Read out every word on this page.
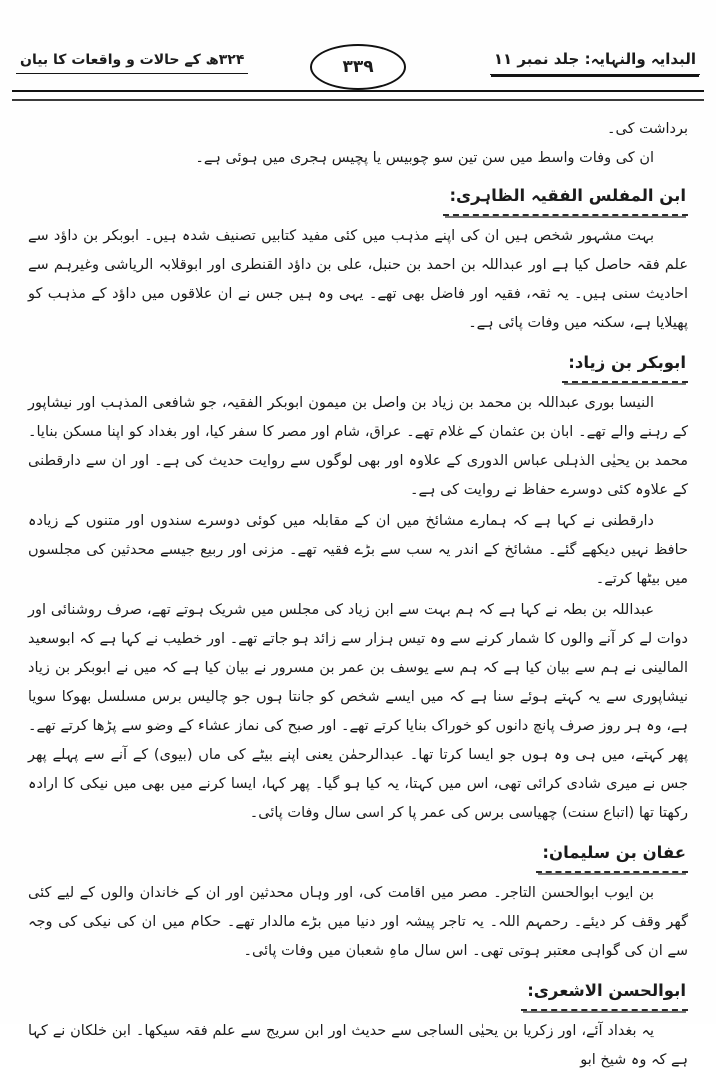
البدایہ والنہایہ: جلد نمبر ۱۱
۳۲۴ھ کے حالات و واقعات کا بیان	۳۳۹

برداشت کی۔

ان کی وفات واسط میں سن تین سو چوبیس یا پچیس ہجری میں ہوئی ہے۔

ابن المفلس الفقیہ الظاہری:

بہت مشہور شخص ہیں ان کی اپنے مذہب میں کئی مفید کتابیں تصنیف شدہ ہیں۔ ابوبکر بن داؤد سے علم فقہ حاصل کیا ہے اور عبداللہ بن احمد بن حنبل، علی بن داؤد القنطری اور ابوقلابہ الریاشی وغیرہم سے احادیث سنی ہیں۔ یہ ثقہ، فقیہ اور فاضل بھی تھے۔ یہی وہ ہیں جس نے ان علاقوں میں داؤد کے مذہب کو پھیلایا ہے، سکنہ میں وفات پائی ہے۔

ابوبکر بن زیاد:

النیسا بوری عبداللہ بن محمد بن زیاد بن واصل بن میمون ابوبکر الفقیہ، جو شافعی المذہب اور نیشاپور کے رہنے والے تھے۔ ابان بن عثمان کے غلام تھے۔ عراق، شام اور مصر کا سفر کیا، اور بغداد کو اپنا مسکن بنایا۔ محمد بن یحیٰی الذہلی عباس الدوری کے علاوہ اور بھی لوگوں سے روایت حدیث کی ہے۔ اور ان سے دارقطنی کے علاوہ کئی دوسرے حفاظ نے روایت کی ہے۔

دارقطنی نے کہا ہے کہ ہمارے مشائخ میں ان کے مقابلہ میں کوئی دوسرے سندوں اور متنوں کے زیادہ حافظ نہیں دیکھے گئے۔ مشائخ کے اندر یہ سب سے بڑے فقیہ تھے۔ مزنی اور ربیع جیسے محدثین کی مجلسوں میں بیٹھا کرتے۔

عبداللہ بن بطہ نے کہا ہے کہ ہم بہت سے ابن زیاد کی مجلس میں شریک ہوتے تھے، صرف روشنائی اور دوات لے کر آنے والوں کا شمار کرنے سے وہ تیس ہزار سے زائد ہو جاتے تھے۔ اور خطیب نے کہا ہے کہ ابوسعید المالینی نے ہم سے بیان کیا ہے کہ ہم سے یوسف بن عمر بن مسرور نے بیان کیا ہے کہ میں نے ابوبکر بن زیاد نیشاپوری سے یہ کہتے ہوئے سنا ہے کہ میں ایسے شخص کو جانتا ہوں جو چالیس برس مسلسل بھوکا سویا ہے، وہ ہر روز صرف پانچ دانوں کو خوراک بنایا کرتے تھے۔ اور صبح کی نماز عشاء کے وضو سے پڑھا کرتے تھے۔ پھر کہتے، میں ہی وہ ہوں جو ایسا کرتا تھا۔ عبدالرحمٰن یعنی اپنے بیٹے کی ماں (بیوی) کے آنے سے پہلے پھر جس نے میری شادی کرائی تھی، اس میں کہتا، یہ کیا ہو گیا۔ پھر کہا، ایسا کرنے میں بھی میں نیکی کا ارادہ رکھتا تھا (اتباع سنت) چھیاسی برس کی عمر پا کر اسی سال وفات پائی۔

عفان بن سلیمان:

بن ایوب ابوالحسن التاجر۔ مصر میں اقامت کی، اور وہاں محدثین اور ان کے خاندان والوں کے لیے کئی گھر وقف کر دیئے۔ رحمہم اللہ۔ یہ تاجر پیشہ اور دنیا میں بڑے مالدار تھے۔ حکام میں ان کی نیکی کی وجہ سے ان کی گواہی معتبر ہوتی تھی۔ اس سال ماہِ شعبان میں وفات پائی۔

ابوالحسن الاشعری:

یہ بغداد آئے، اور زکریا بن یحیٰی الساجی سے حدیث اور ابن سریج سے علم فقہ سیکھا۔ ابن خلکان نے کہا ہے کہ وہ شیخ ابو
